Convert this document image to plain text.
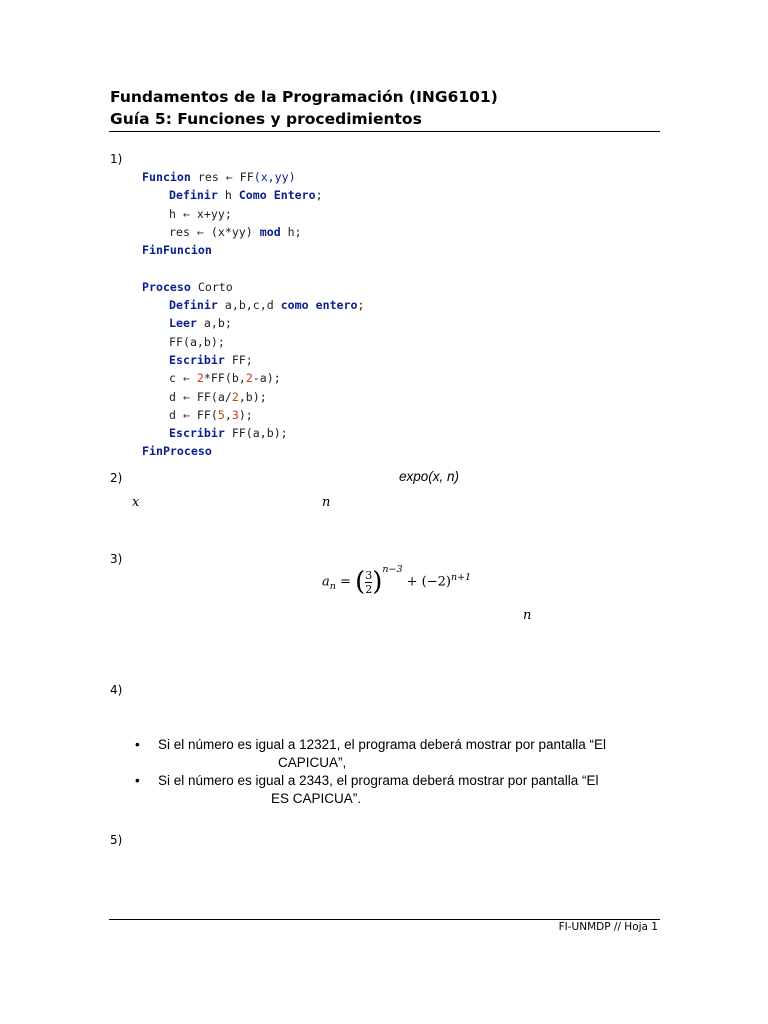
Fundamentos de la Programación (ING6101)
Guía 5: Funciones y procedimientos
1)
Funcion res ← FF(x,yy)
Definir h Como Entero;
h ← x+yy;
res ← (x*yy) mod h;
FinFuncion

Proceso Corto
Definir a,b,c,d como entero;
Leer a,b;
FF(a,b);
Escribir FF;
c ← 2*FF(b,2-a);
d ← FF(a/2,b);
d ← FF(5,3);
Escribir FF(a,b);
FinProceso
2)	expo(x, n)
x	n
3)
$a_n$ = ( $\frac{3}{2} )^{n-3} + (-2)^{n+1}$
n
4)
• Si el número es igual a 12321, el programa deberá mostrar por pantalla “El
CAPICUA”,
• Si el número es igual a 2343, el programa deberá mostrar por pantalla “El
ES CAPICUA”.
5)
FI-UNMDP // Hoja 1
